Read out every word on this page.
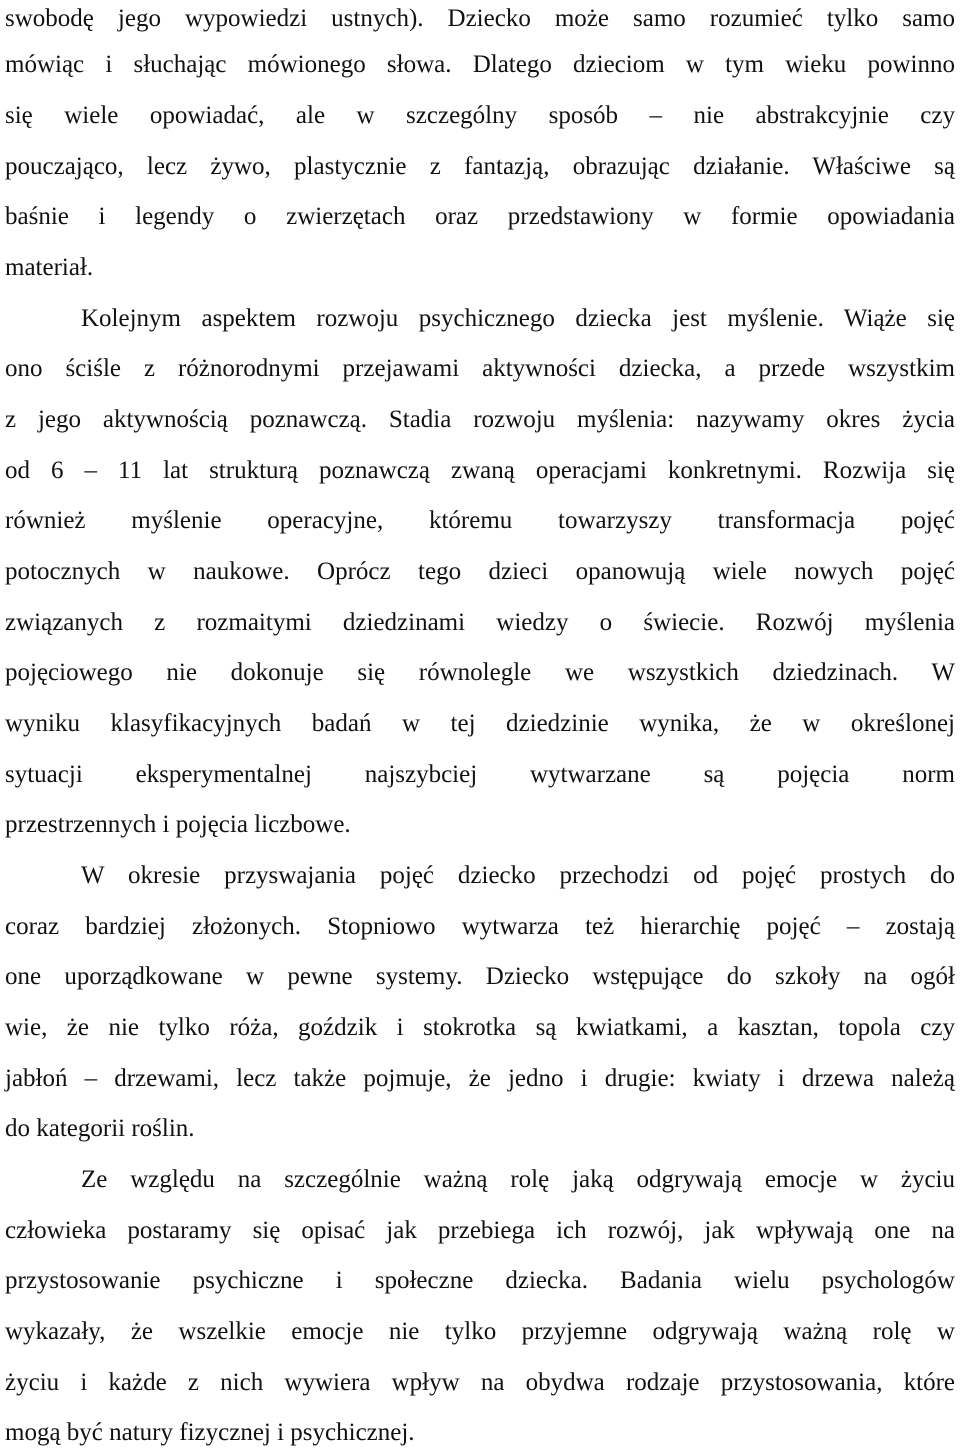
swobodę jego wypowiedzi ustnych). Dziecko może samo rozumieć tylko samo
mówiąc i słuchając mówionego słowa. Dlatego dzieciom w tym wieku powinno
się wiele opowiadać, ale w szczególny sposób – nie abstrakcyjnie czy
pouczająco, lecz żywo, plastycznie z fantazją, obrazując działanie. Właściwe są
baśnie i legendy o zwierzętach oraz przedstawiony w formie opowiadania
materiał.
Kolejnym aspektem rozwoju psychicznego dziecka jest myślenie. Wiąże się
ono ściśle z różnorodnymi przejawami aktywności dziecka, a przede wszystkim
z jego aktywnością poznawczą. Stadia rozwoju myślenia: nazywamy okres życia
od 6 – 11 lat strukturą poznawczą zwaną operacjami konkretnymi. Rozwija się
również myślenie operacyjne, któremu towarzyszy transformacja pojęć
potocznych w naukowe. Oprócz tego dzieci opanowują wiele nowych pojęć
związanych z rozmaitymi dziedzinami wiedzy o świecie. Rozwój myślenia
pojęciowego nie dokonuje się równolegle we wszystkich dziedzinach. W
wyniku klasyfikacyjnych badań w tej dziedzinie wynika, że w określonej
sytuacji eksperymentalnej najszybciej wytwarzane są pojęcia norm
przestrzennych i pojęcia liczbowe.
W okresie przyswajania pojęć dziecko przechodzi od pojęć prostych do
coraz bardziej złożonych. Stopniowo wytwarza też hierarchię pojęć – zostają
one uporządkowane w pewne systemy. Dziecko wstępujące do szkoły na ogół
wie, że nie tylko róża, goździk i stokrotka są kwiatkami, a kasztan, topola czy
jabłoń – drzewami, lecz także pojmuje, że jedno i drugie: kwiaty i drzewa należą
do kategorii roślin.
Ze względu na szczególnie ważną rolę jaką odgrywają emocje w życiu
człowieka postaramy się opisać jak przebiega ich rozwój, jak wpływają one na
przystosowanie psychiczne i społeczne dziecka. Badania wielu psychologów
wykazały, że wszelkie emocje nie tylko przyjemne odgrywają ważną rolę w
życiu i każde z nich wywiera wpływ na obydwa rodzaje przystosowania, które
mogą być natury fizycznej i psychicznej.
